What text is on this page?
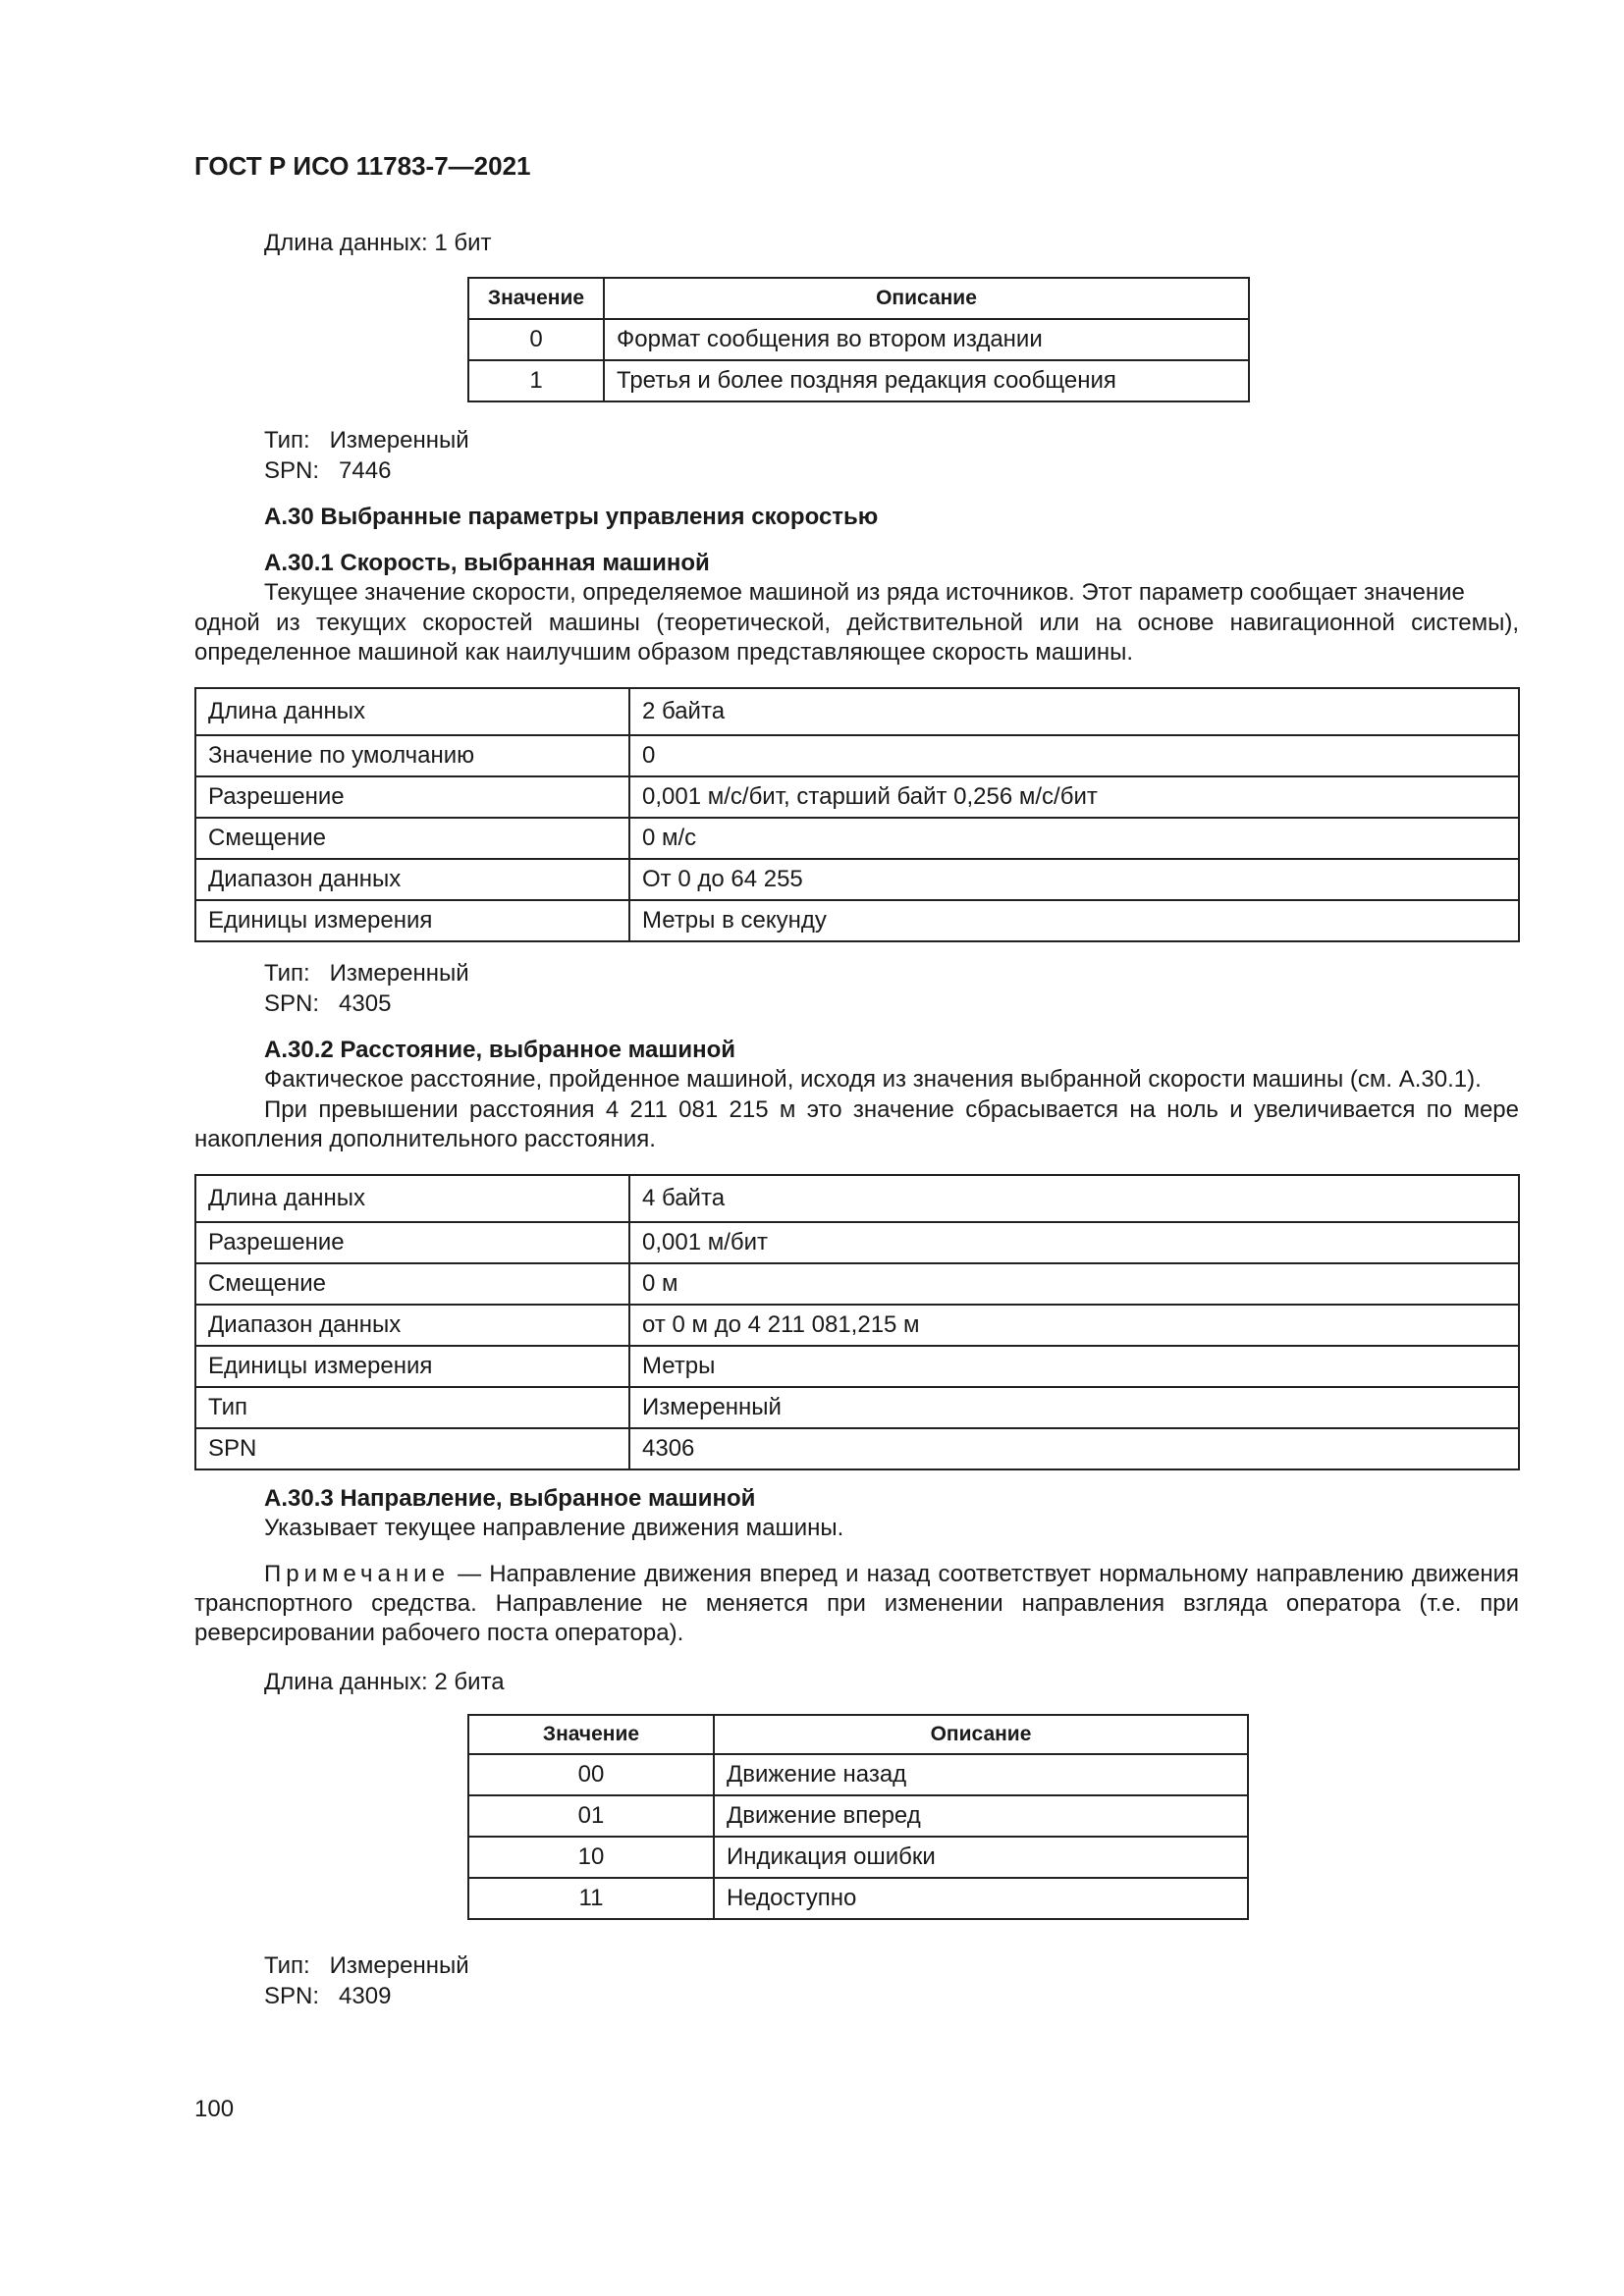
ГОСТ Р ИСО 11783-7—2021
Длина данных: 1 бит
Значение	Описание
0	Формат сообщения во втором издании
1	Третья и более поздняя редакция сообщения
Тип:   Измеренный
SPN:   7446
A.30 Выбранные параметры управления скоростью
A.30.1 Скорость, выбранная машиной
Текущее значение скорости, определяемое машиной из ряда источников. Этот параметр сообщает значение
одной из текущих скоростей машины (теоретической, действительной или на основе навигационной системы), определенное машиной как наилучшим образом представляющее скорость машины.
Длина данных	2 байта
Значение по умолчанию	0
Разрешение	0,001 м/с/бит, старший байт 0,256 м/с/бит
Смещение	0 м/с
Диапазон данных	От 0 до 64 255
Единицы измерения	Метры в секунду
Тип:   Измеренный
SPN:   4305
A.30.2 Расстояние, выбранное машиной
Фактическое расстояние, пройденное машиной, исходя из значения выбранной скорости машины (см. А.30.1).
При превышении расстояния 4 211 081 215 м это значение сбрасывается на ноль и увеличивается по мере накопления дополнительного расстояния.
Длина данных	4 байта
Разрешение	0,001 м/бит
Смещение	0 м
Диапазон данных	от 0 м до 4 211 081,215 м
Единицы измерения	Метры
Тип	Измеренный
SPN	4306
A.30.3 Направление, выбранное машиной
Указывает текущее направление движения машины.
Примечание — Направление движения вперед и назад соответствует нормальному направлению движения транспортного средства. Направление не меняется при изменении направления взгляда оператора (т.е. при реверсировании рабочего поста оператора).
Длина данных: 2 бита
Значение	Описание
00	Движение назад
01	Движение вперед
10	Индикация ошибки
11	Недоступно
Тип:   Измеренный
SPN:   4309
100
